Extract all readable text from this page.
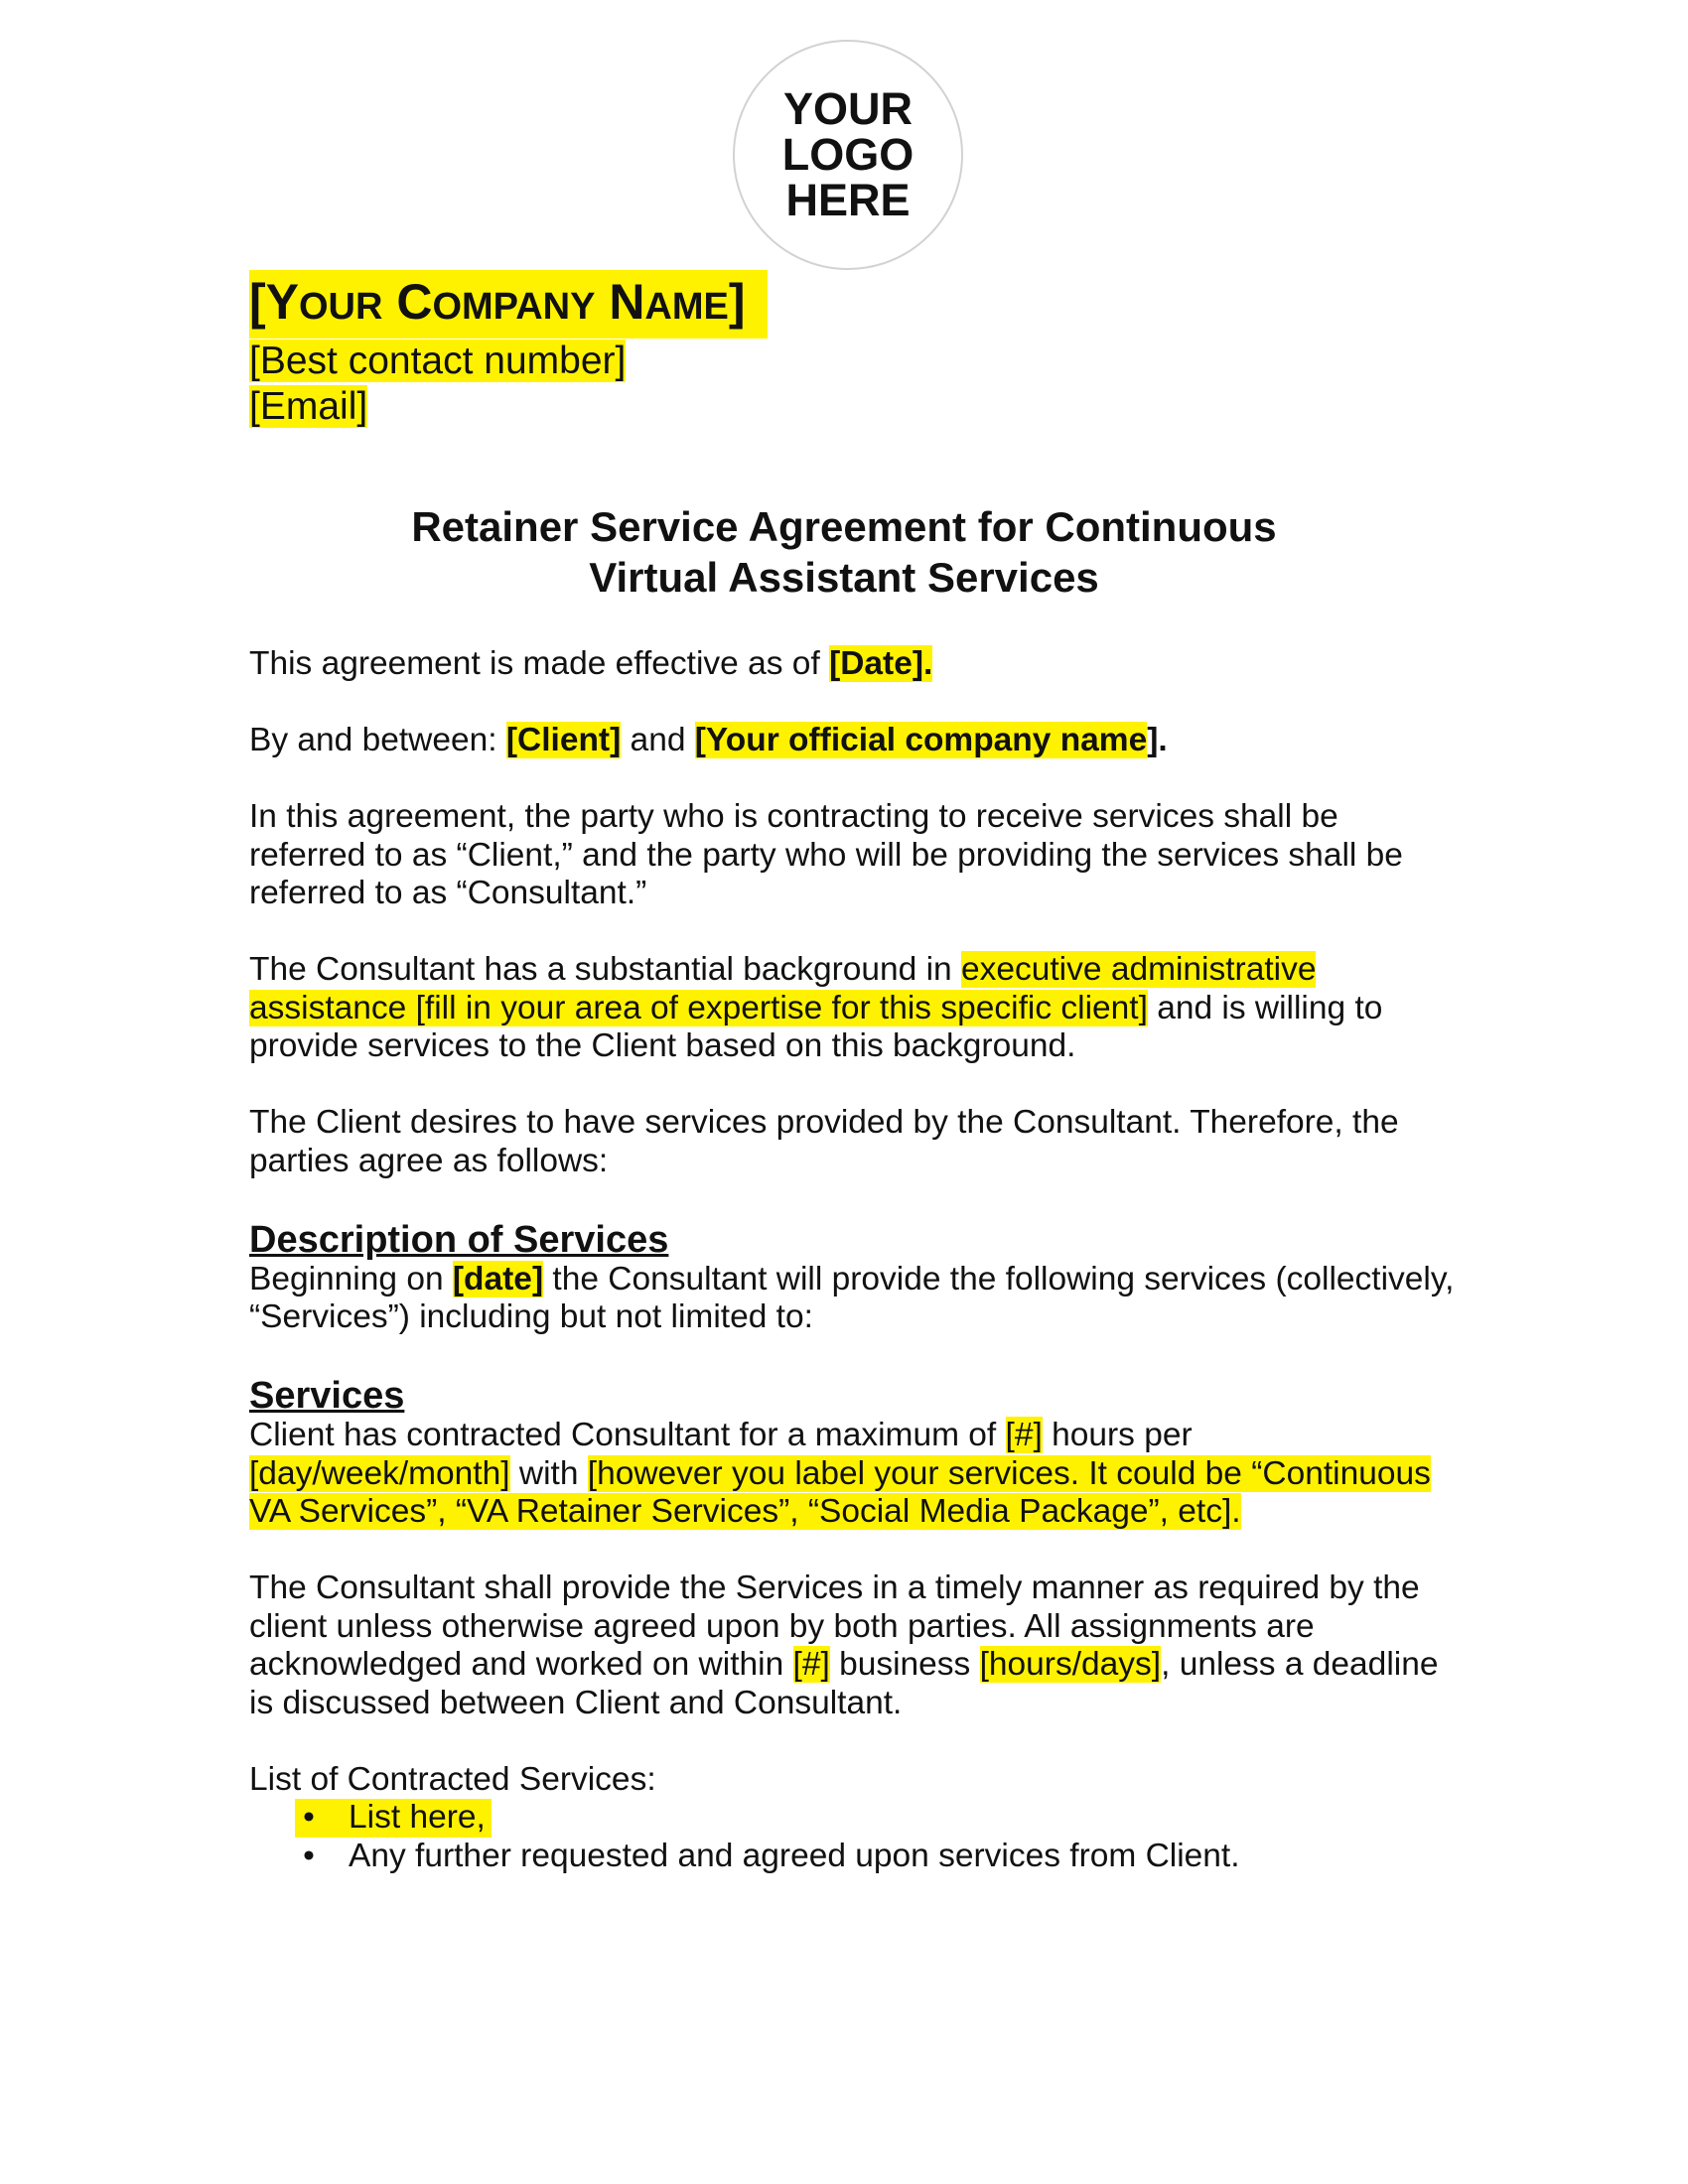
YOUR
LOGO
HERE
[YOUR COMPANY NAME]
[Best contact number]
[Email]
Retainer Service Agreement for Continuous
Virtual Assistant Services

This agreement is made effective as of [Date].

By and between: [Client] and [Your official company name].

In this agreement, the party who is contracting to receive services shall be referred to as “Client,” and the party who will be providing the services shall be referred to as “Consultant.”

The Consultant has a substantial background in executive administrative assistance [fill in your area of expertise for this specific client] and is willing to provide services to the Client based on this background.

The Client desires to have services provided by the Consultant. Therefore, the parties agree as follows:

Description of Services

Beginning on [date] the Consultant will provide the following services (collectively, “Services”) including but not limited to:

Services

Client has contracted Consultant for a maximum of [#] hours per
[day/week/month] with [however you label your services. It could be “Continuous VA Services”, “VA Retainer Services”, “Social Media Package”, etc].

The Consultant shall provide the Services in a timely manner as required by the client unless otherwise agreed upon by both parties. All assignments are acknowledged and worked on within [#] business [hours/days], unless a deadline is discussed between Client and Consultant.

List of Contracted Services:
• List here,

• Any further requested and agreed upon services from Client.
